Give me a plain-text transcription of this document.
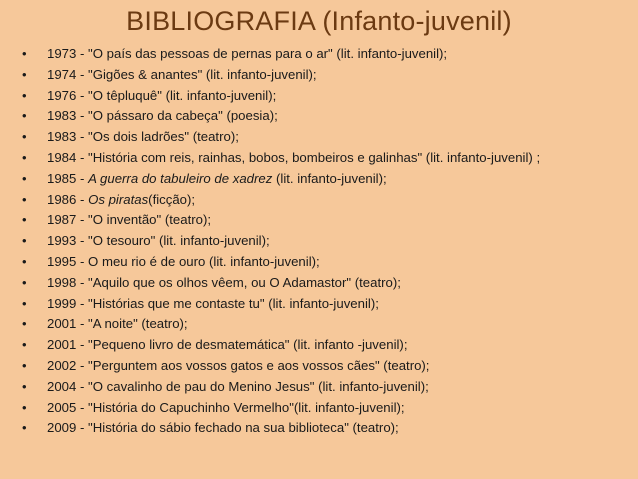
BIBLIOGRAFIA (Infanto-juvenil)
• 1973 - "O país das pessoas de pernas para o ar" (lit. infanto-juvenil);
• 1974 - "Gigões & anantes" (lit. infanto-juvenil);
• 1976 - "O têpluquê" (lit. infanto-juvenil);
• 1983 - "O pássaro da cabeça" (poesia);
• 1983 - "Os dois ladrões" (teatro);
• 1984 - "História com reis, rainhas, bobos, bombeiros e galinhas" (lit. infanto-juvenil) ;
• 1985 - A guerra do tabuleiro de xadrez (lit. infanto-juvenil);
• 1986 - Os piratas(ficção);
• 1987 - "O inventão" (teatro);
• 1993 - "O tesouro" (lit. infanto-juvenil);
• 1995 - O meu rio é de ouro (lit. infanto-juvenil);
• 1998 - "Aquilo que os olhos vêem, ou O Adamastor" (teatro);
• 1999 - "Histórias que me contaste tu" (lit. infanto-juvenil);
• 2001 - "A noite" (teatro);
• 2001 - "Pequeno livro de desmatemática" (lit. infanto -juvenil);
• 2002 - "Perguntem aos vossos gatos e aos vossos cães" (teatro);
• 2004 - "O cavalinho de pau do Menino Jesus" (lit. infanto-juvenil);
• 2005 - "História do Capuchinho Vermelho"(lit. infanto-juvenil);
• 2009 - "História do sábio fechado na sua biblioteca" (teatro);
